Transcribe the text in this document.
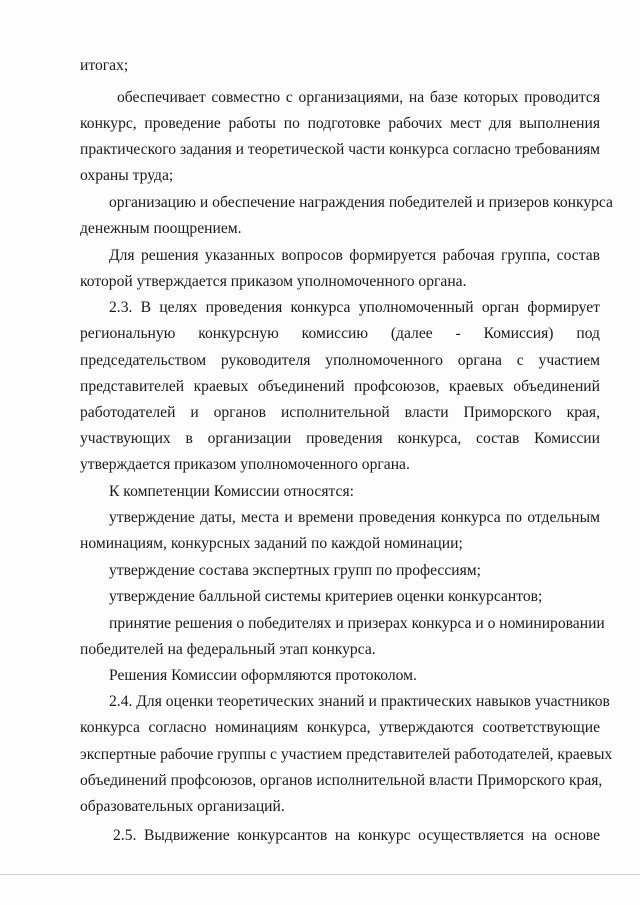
итогах;
обеспечивает совместно с организациями, на базе которых проводится
конкурс, проведение работы по подготовке рабочих мест для выполнения
практического задания и теоретической части конкурса согласно требованиям
охраны труда;
организацию и обеспечение награждения победителей и призеров конкурса
денежным поощрением.
Для решения указанных вопросов формируется рабочая группа, состав
которой утверждается приказом уполномоченного органа.
2.3. В целях проведения конкурса уполномоченный орган формирует
региональную конкурсную комиссию (далее - Комиссия) под
председательством руководителя уполномоченного органа с участием
представителей краевых объединений профсоюзов, краевых объединений
работодателей и органов исполнительной власти Приморского края,
участвующих в организации проведения конкурса, состав Комиссии
утверждается приказом уполномоченного органа.
К компетенции Комиссии относятся:
утверждение даты, места и времени проведения конкурса по отдельным
номинациям, конкурсных заданий по каждой номинации;
утверждение состава экспертных групп по профессиям;
утверждение балльной системы критериев оценки конкурсантов;
принятие решения о победителях и призерах конкурса и о номинировании
победителей на федеральный этап конкурса.
Решения Комиссии оформляются протоколом.
2.4. Для оценки теоретических знаний и практических навыков участников
конкурса согласно номинациям конкурса, утверждаются соответствующие
экспертные рабочие группы с участием представителей работодателей, краевых
объединений профсоюзов, органов исполнительной власти Приморского края,
образовательных организаций.
2.5. Выдвижение конкурсантов на конкурс осуществляется на основе
